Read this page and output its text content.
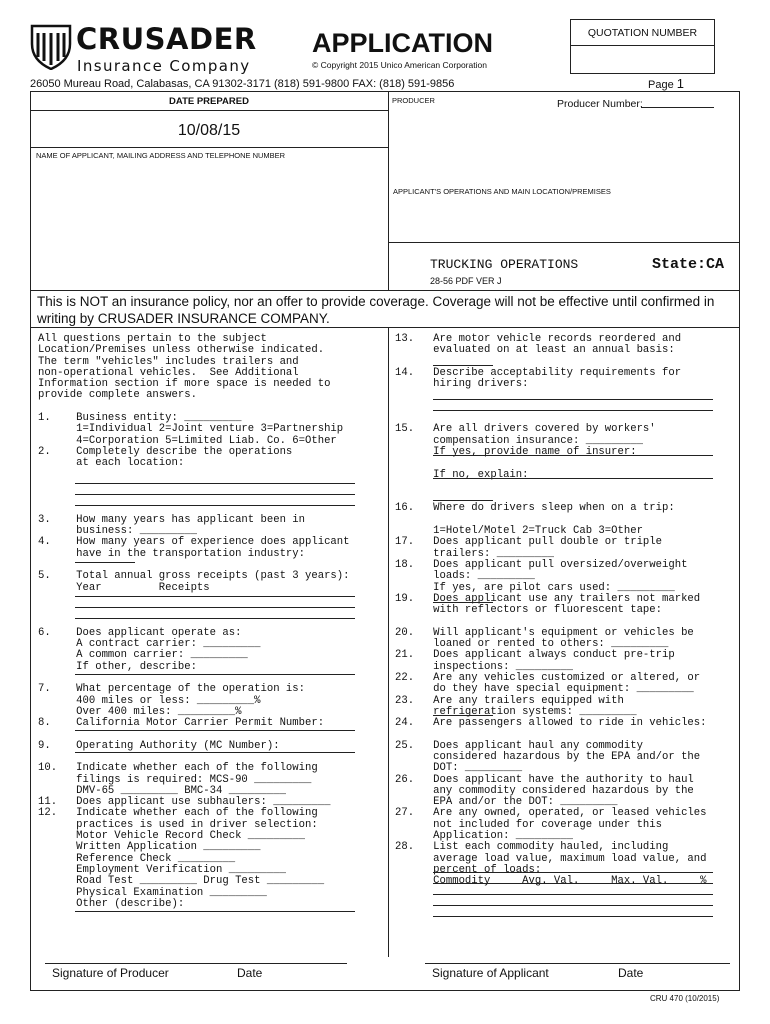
CRUSADER
Insurance Company
APPLICATION
© Copyright 2015 Unico American Corporation
26050 Mureau Road, Calabasas, CA 91302-3171 (818) 591-9800 FAX: (818) 591-9856
QUOTATION NUMBER
Page 1
DATE PREPARED
10/08/15
PRODUCER	Producer Number:
NAME OF APPLICANT, MAILING ADDRESS AND TELEPHONE NUMBER
APPLICANT'S OPERATIONS AND MAIN LOCATION/PREMISES
TRUCKING OPERATIONS	State:CA
28-56 PDF VER J
This is NOT an insurance policy, nor an offer to provide coverage. Coverage will not be effective until confirmed in writing by CRUSADER INSURANCE COMPANY.
All questions pertain to the subject
Location/Premises unless otherwise indicated.
The term "vehicles" includes trailers and
non-operational vehicles.  See Additional
Information section if more space is needed to
provide complete answers.

1.    Business entity: _________
1=Individual 2=Joint venture 3=Partnership
4=Corporation 5=Limited Liab. Co. 6=Other
2.    Completely describe the operations
at each location:

3.    How many years has applicant been in
business: _________
4.    How many years of experience does applicant
have in the transportation industry:

5.    Total annual gross receipts (past 3 years):
Year         Receipts

6.    Does applicant operate as:
A contract carrier: _________
A common carrier: _________
If other, describe:

7.    What percentage of the operation is:
400 miles or less: _________%
Over 400 miles: _________%
8.    California Motor Carrier Permit Number:

9.    Operating Authority (MC Number):

10.   Indicate whether each of the following
filings is required: MCS-90 _________
DMV-65 _________ BMC-34 _________
11.   Does applicant use subhaulers: _________
12.   Indicate whether each of the following
practices is used in driver selection:
Motor Vehicle Record Check _________
Written Application _________
Reference Check _________
Employment Verification _________
Road Test _________ Drug Test _________
Physical Examination _________
Other (describe):
13.   Are motor vehicle records reordered and
evaluated on at least an annual basis:

14.   Describe acceptability requirements for
hiring drivers:

15.   Are all drivers covered by workers'
compensation insurance: _________
If yes, provide name of insurer:

If no, explain:

16.   Where do drivers sleep when on a trip:

1=Hotel/Motel 2=Truck Cab 3=Other
17.   Does applicant pull double or triple
trailers: _________
18.   Does applicant pull oversized/overweight
loads: _________
If yes, are pilot cars used: _________
19.   Does applicant use any trailers not marked
with reflectors or fluorescent tape:

20.   Will applicant's equipment or vehicles be
loaned or rented to others: _________
21.   Does applicant always conduct pre-trip
inspections: _________
22.   Are any vehicles customized or altered, or
do they have special equipment: _________
23.   Are any trailers equipped with
refrigeration systems: _________
24.   Are passengers allowed to ride in vehicles:

25.   Does applicant haul any commodity
considered hazardous by the EPA and/or the
DOT: _________
26.   Does applicant have the authority to haul
any commodity considered hazardous by the
EPA and/or the DOT: _________
27.   Are any owned, operated, or leased vehicles
not included for coverage under this
Application: _________
28.   List each commodity hauled, including
average load value, maximum load value, and
percent of loads:
Commodity     Avg. Val.     Max. Val.     %
Signature of Producer	Date	Signature of Applicant	Date
CRU 470 (10/2015)
